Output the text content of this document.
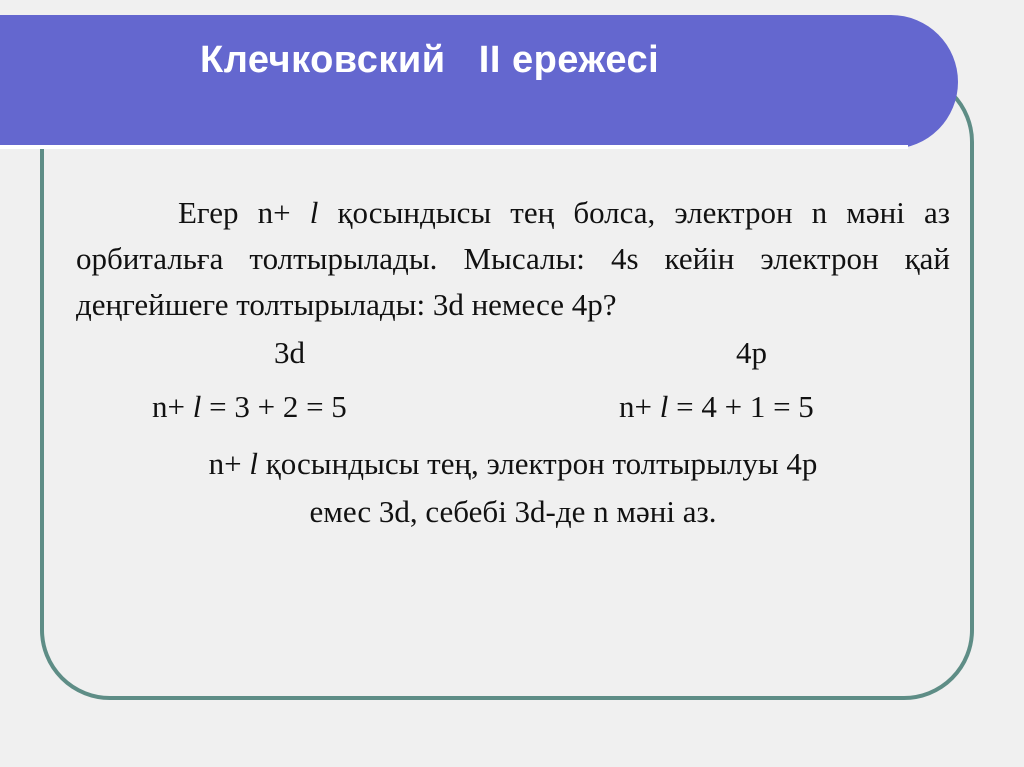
Клечковский   II ережесі

Егер n+ l қосындысы тең болса, электрон n мәні аз орбитальға толтырылады. Мысалы: 4s кейін электрон қай деңгейшеге толтырылады: 3d немесе 4p?

3d	4p
n+ l = 3 + 2 = 5	n+ l = 4 + 1 = 5

n+ l қосындысы тең, электрон толтырылуы 4p
емес 3d, себебі 3d-де n мәні аз.
